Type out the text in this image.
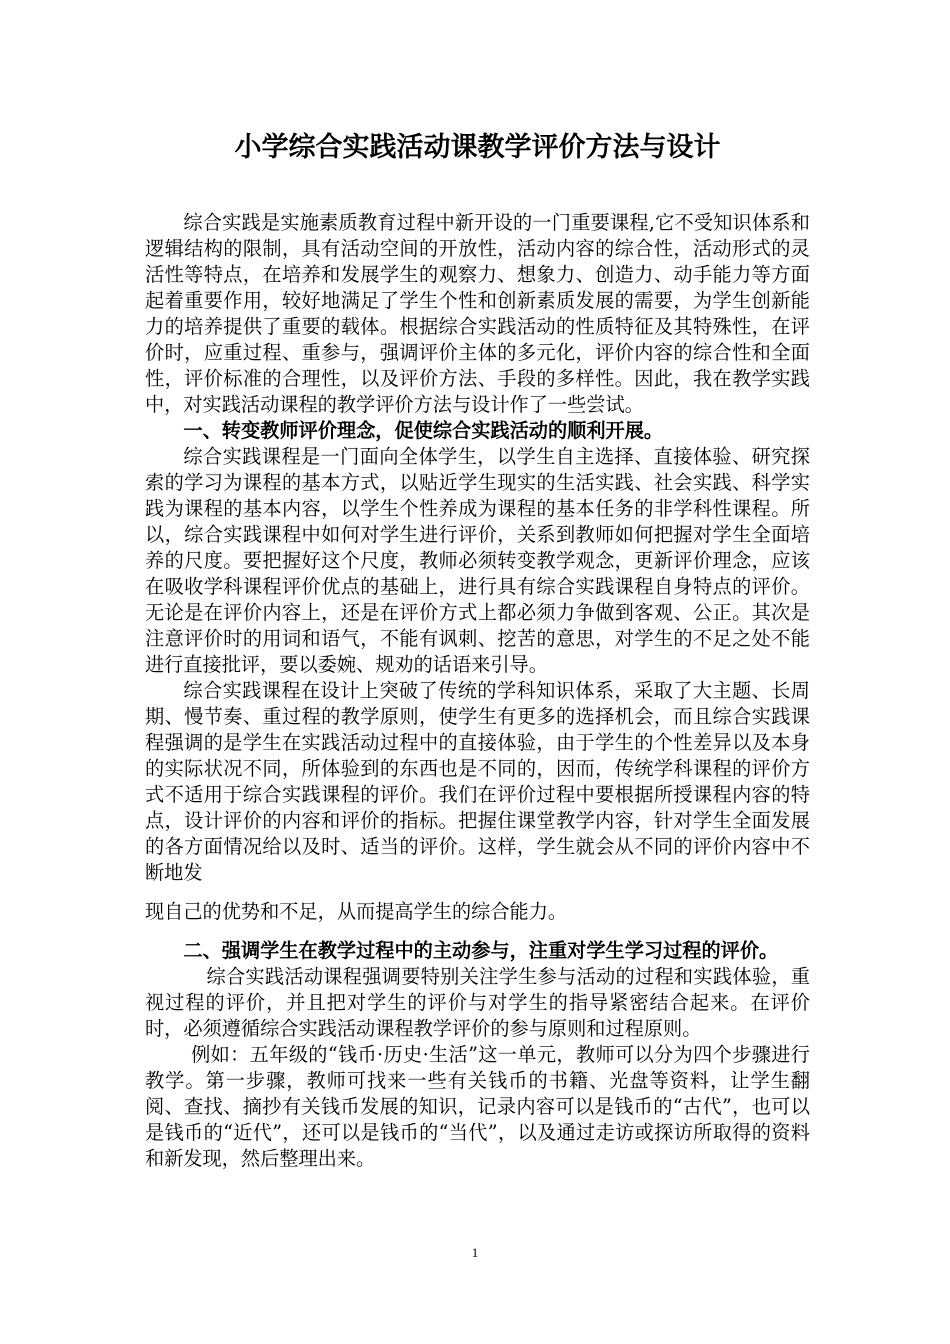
小学综合实践活动课教学评价方法与设计

综合实践是实施素质教育过程中新开设的一门重要课程,它不受知识体系和逻辑结构的限制，具有活动空间的开放性，活动内容的综合性，活动形式的灵活性等特点，在培养和发展学生的观察力、想象力、创造力、动手能力等方面起着重要作用，较好地满足了学生个性和创新素质发展的需要，为学生创新能力的培养提供了重要的载体。根据综合实践活动的性质特征及其特殊性，在评价时，应重过程、重参与，强调评价主体的多元化，评价内容的综合性和全面性，评价标准的合理性，以及评价方法、手段的多样性。因此，我在教学实践中，对实践活动课程的教学评价方法与设计作了一些尝试。

一、转变教师评价理念，促使综合实践活动的顺利开展。

综合实践课程是一门面向全体学生，以学生自主选择、直接体验、研究探索的学习为课程的基本方式，以贴近学生现实的生活实践、社会实践、科学实践为课程的基本内容，以学生个性养成为课程的基本任务的非学科性课程。所以，综合实践课程中如何对学生进行评价，关系到教师如何把握对学生全面培养的尺度。要把握好这个尺度，教师必须转变教学观念，更新评价理念，应该在吸收学科课程评价优点的基础上，进行具有综合实践课程自身特点的评价。无论是在评价内容上，还是在评价方式上都必须力争做到客观、公正。其次是注意评价时的用词和语气，不能有讽刺、挖苦的意思，对学生的不足之处不能进行直接批评，要以委婉、规劝的话语来引导。

综合实践课程在设计上突破了传统的学科知识体系，采取了大主题、长周期、慢节奏、重过程的教学原则，使学生有更多的选择机会，而且综合实践课程强调的是学生在实践活动过程中的直接体验，由于学生的个性差异以及本身的实际状况不同，所体验到的东西也是不同的，因而，传统学科课程的评价方式不适用于综合实践课程的评价。我们在评价过程中要根据所授课程内容的特点，设计评价的内容和评价的指标。把握住课堂教学内容，针对学生全面发展的各方面情况给以及时、适当的评价。这样，学生就会从不同的评价内容中不断地发

现自己的优势和不足，从而提高学生的综合能力。

二、强调学生在教学过程中的主动参与，注重对学生学习过程的评价。

综合实践活动课程强调要特别关注学生参与活动的过程和实践体验，重视过程的评价，并且把对学生的评价与对学生的指导紧密结合起来。在评价时，必须遵循综合实践活动课程教学评价的参与原则和过程原则。

例如：五年级的“钱币·历史·生活”这一单元，教师可以分为四个步骤进行教学。第一步骤，教师可找来一些有关钱币的书籍、光盘等资料，让学生翻阅、查找、摘抄有关钱币发展的知识，记录内容可以是钱币的“古代”，也可以是钱币的“近代”，还可以是钱币的“当代”，以及通过走访或探访所取得的资料和新发现，然后整理出来。

1
